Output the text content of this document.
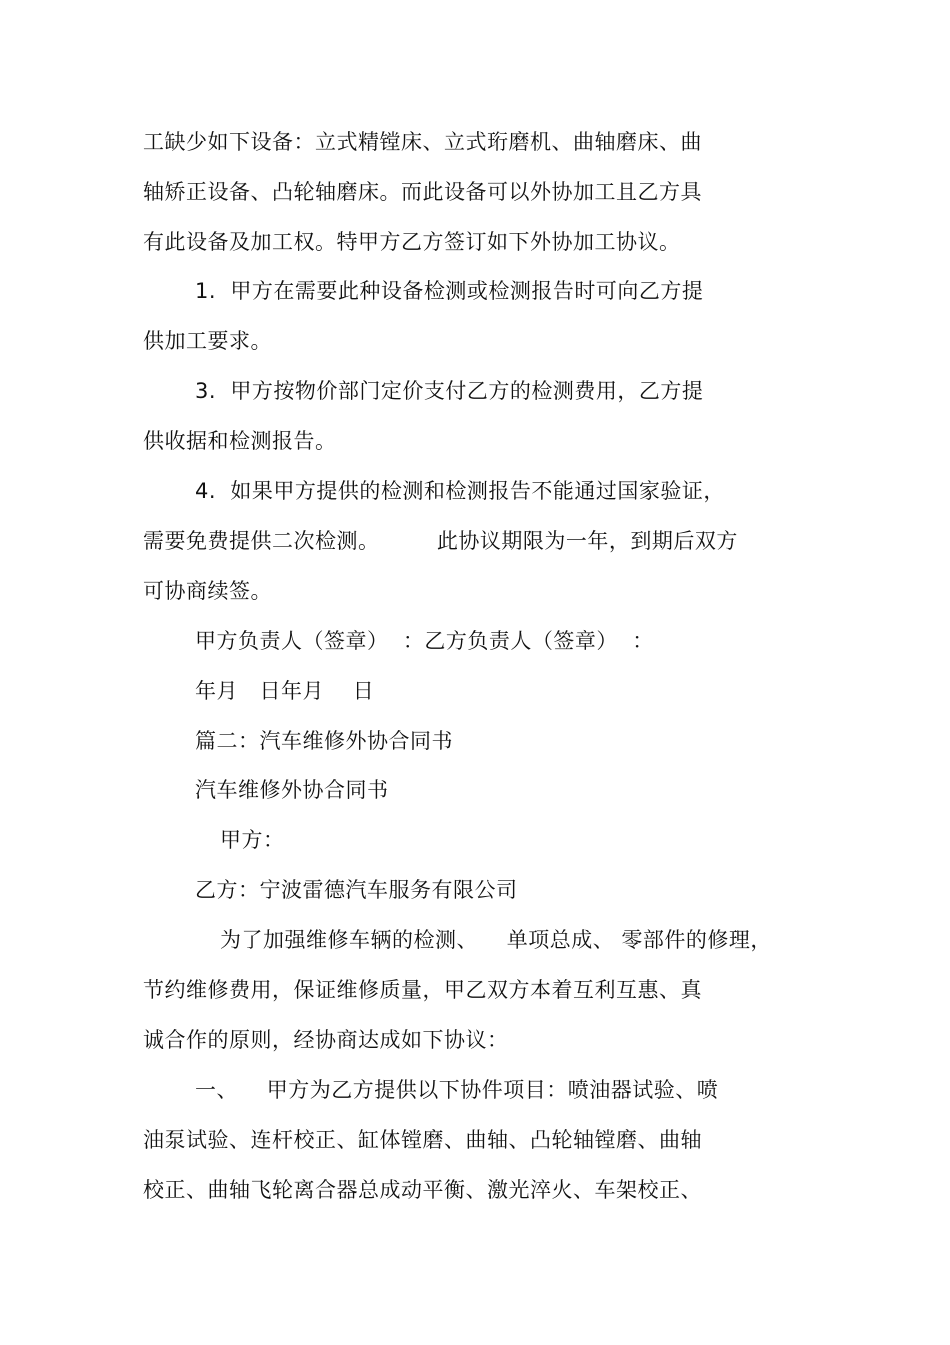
工缺少如下设备：立式精镗床、立式珩磨机、曲轴磨床、曲
轴矫正设备、凸轮轴磨床。而此设备可以外协加工且乙方具
有此设备及加工权。特甲方乙方签订如下外协加工协议。
1.  甲方在需要此种设备检测或检测报告时可向乙方提
供加工要求。
3.  甲方按物价部门定价支付乙方的检测费用，乙方提
供收据和检测报告。
4.  如果甲方提供的检测和检测报告不能通过国家验证，
需要免费提供二次检测。        此协议期限为一年，到期后双方
可协商续签。
甲方负责人（签章）  ：乙方负责人（签章）  ：
年月   日年月    日
篇二：汽车维修外协合同书
汽车维修外协合同书
甲方：
乙方：宁波雷德汽车服务有限公司
为了加强维修车辆的检测、    单项总成、 零部件的修理，
节约维修费用，保证维修质量，甲乙双方本着互利互惠、真
诚合作的原则，经协商达成如下协议：
一、    甲方为乙方提供以下协件项目：喷油器试验、喷
油泵试验、连杆校正、缸体镗磨、曲轴、凸轮轴镗磨、曲轴
校正、曲轴飞轮离合器总成动平衡、激光淬火、车架校正、
